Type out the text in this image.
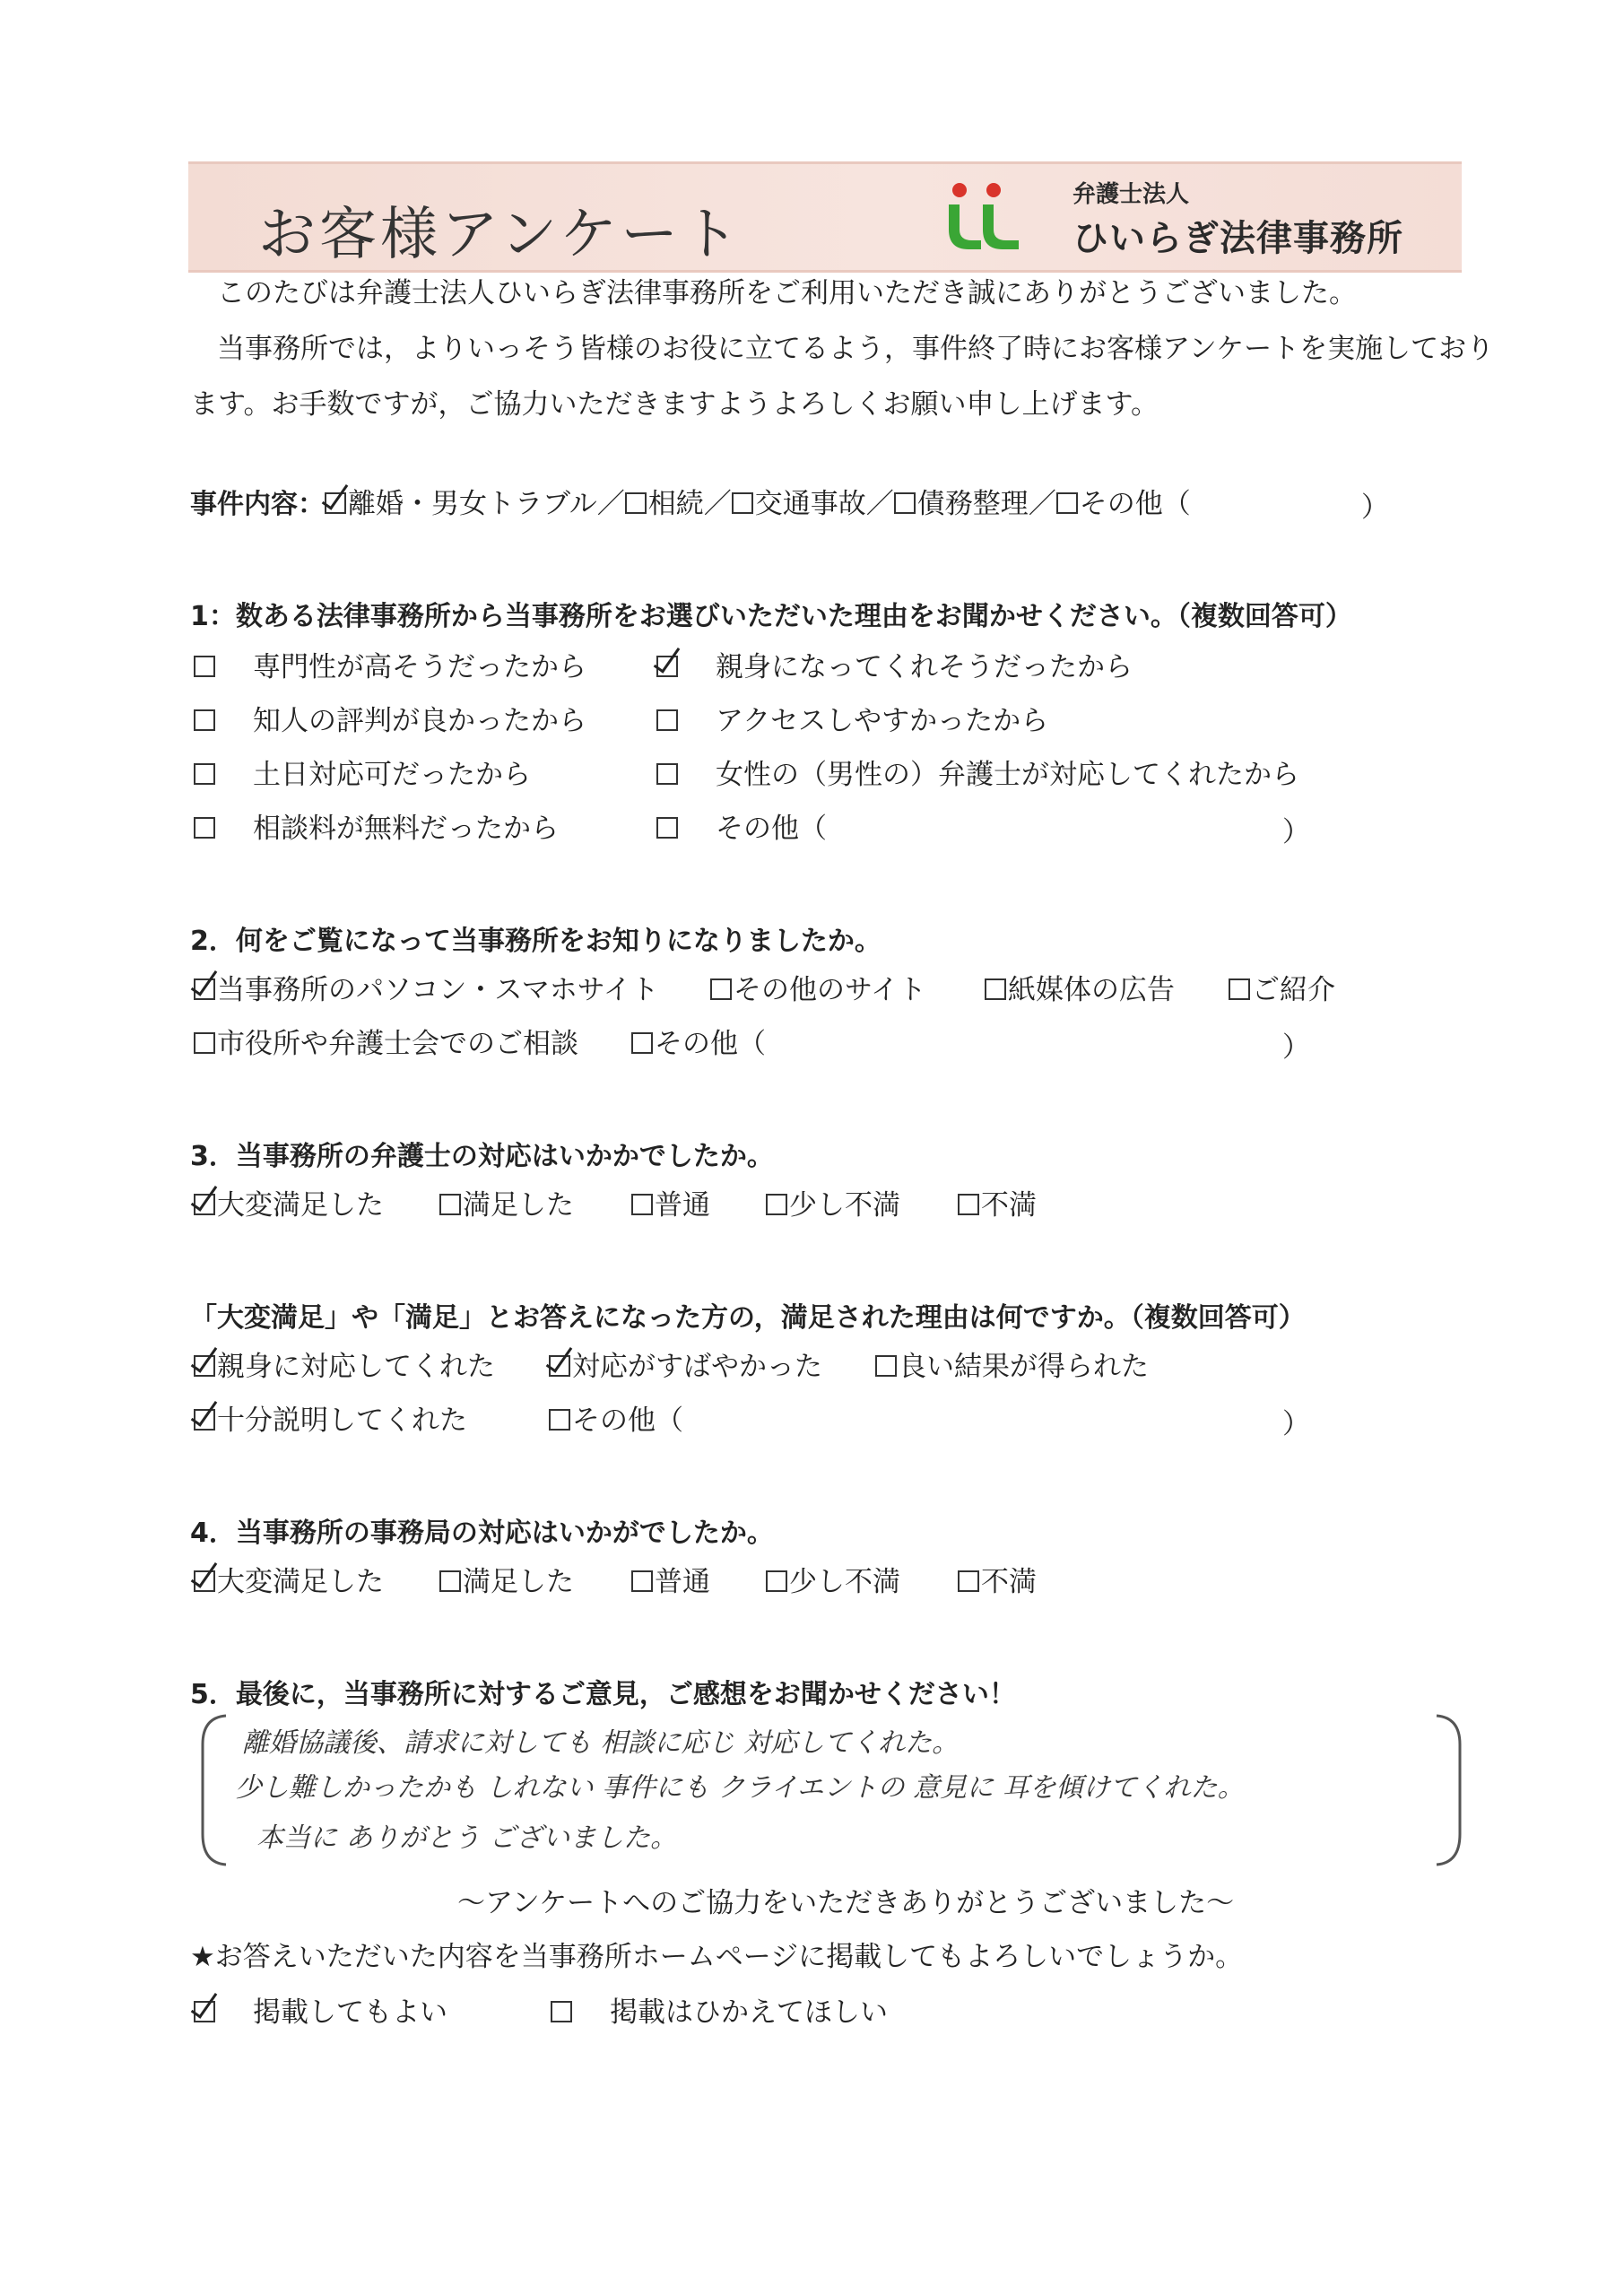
お客様アンケート
弁護士法人
ひいらぎ法律事務所
このたびは弁護士法人ひいらぎ法律事務所をご利用いただき誠にありがとうございました。
当事務所では，よりいっそう皆様のお役に立てるよう，事件終了時にお客様アンケートを実施しており
ます。お手数ですが，ご協力いただきますようよろしくお願い申し上げます。
事件内容： 離婚・男女トラブル／ 相続／ 交通事故／ 債務整理／ その他（	）
1：数ある法律事務所から当事務所をお選びいただいた理由をお聞かせください。（複数回答可）
専門性が高そうだったから	親身になってくれそうだったから
知人の評判が良かったから	アクセスしやすかったから
土日対応可だったから	女性の（男性の）弁護士が対応してくれたから
相談料が無料だったから	その他（	）
2．何をご覧になって当事務所をお知りになりましたか。
当事務所のパソコン・スマホサイト	その他のサイト	紙媒体の広告	ご紹介
市役所や弁護士会でのご相談	その他（	）
3．当事務所の弁護士の対応はいかかでしたか。
大変満足した	満足した	普通	少し不満	不満
「大変満足」や「満足」とお答えになった方の，満足された理由は何ですか。（複数回答可）
親身に対応してくれた	対応がすばやかった	良い結果が得られた
十分説明してくれた	その他（	）
4．当事務所の事務局の対応はいかがでしたか。
大変満足した	満足した	普通	少し不満	不満
5．最後に，当事務所に対するご意見，ご感想をお聞かせください！
離婚協議後、請求に対しても 相談に応じ 対応してくれた。
少し難しかったかも しれない 事件にも クライエントの 意見に 耳を傾けてくれた。
本当に ありがとう ございました。
～アンケートへのご協力をいただきありがとうございました～
★お答えいただいた内容を当事務所ホームページに掲載してもよろしいでしょうか。
掲載してもよい	掲載はひかえてほしい
